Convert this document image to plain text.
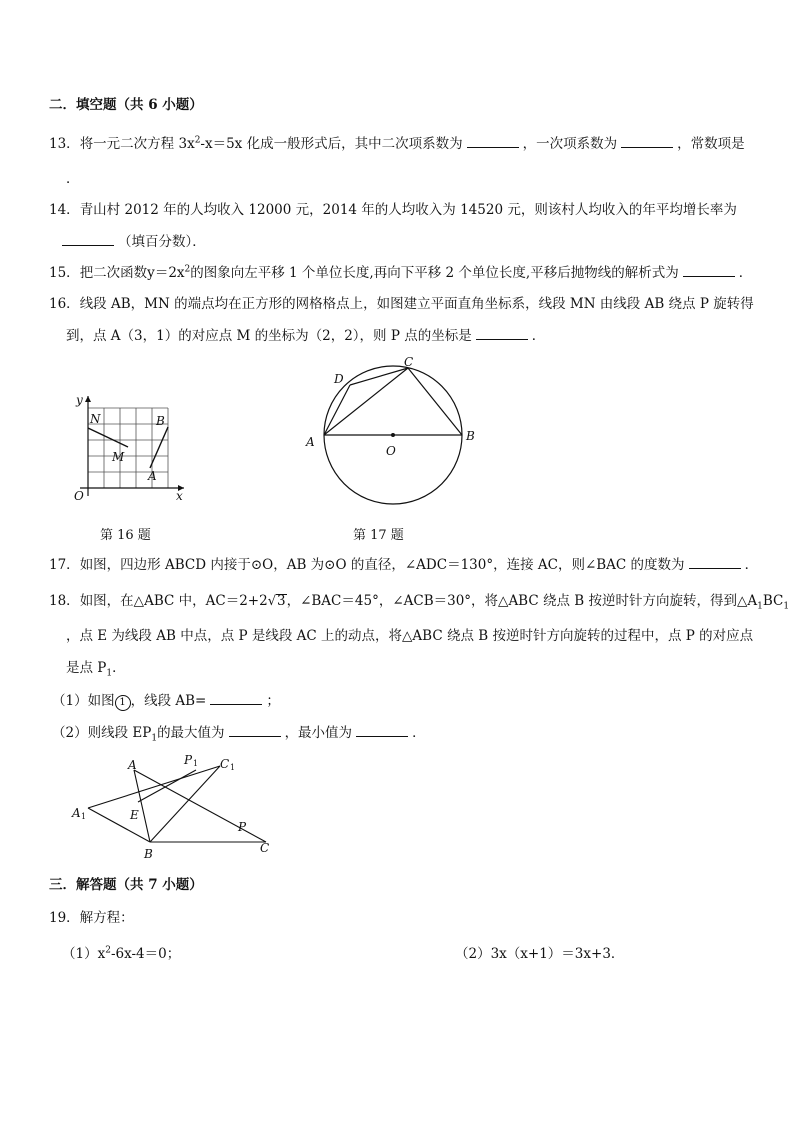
二．填空题（共 6 小题）
13．将一元二次方程 $3x^2-x=5x$ 化成一般形式后，其中二次项系数为	，一次项系数为	，常数项是
．
14．青山村 2012 年的人均收入 12000 元，2014 年的人均收入为 14520 元，则该村人均收入的年平均增长率为
（填百分数）．
15．把二次函数$y=2x^2$的图象向左平移 1 个单位长度,再向下平移 2 个单位长度,平移后抛物线的解析式为	．
16．线段 AB，MN 的端点均在正方形的网格格点上，如图建立平面直角坐标系，线段 MN 由线段 AB 绕点 P 旋转得
到，点 A（3，1）的对应点 M 的坐标为（2，2），则 P 点的坐标是	．
y
x
O
N
M
B
A
第 16 题
A	B
C
D
O
第 17 题
17．如图，四边形 ABCD 内接于⊙O，AB 为⊙O 的直径，∠ADC＝130°，连接 AC，则∠BAC 的度数为	．
18．如图，在△ABC 中，AC＝2+2√3，∠BAC＝45°，∠ACB＝30°，将△ABC 绕点 B 按逆时针方向旋转，得到$\triangle A_1BC_1$
，点 E 为线段 AB 中点，点 P 是线段 AC 上的动点，将△ABC 绕点 B 按逆时针方向旋转的过程中，点 P 的对应点
是点 $P_1$．
（1）如图 1 ，线段 AB=	；
（2）则线段 $EP_1$的最大值为	，最小值为	．
A	P 1 C 1
A 1	E
P
B	C
三．解答题（共 7 小题）
19．解方程：
$(1)x^2-6x-4=0$；	（2）3x（x+1）＝3x+3．
